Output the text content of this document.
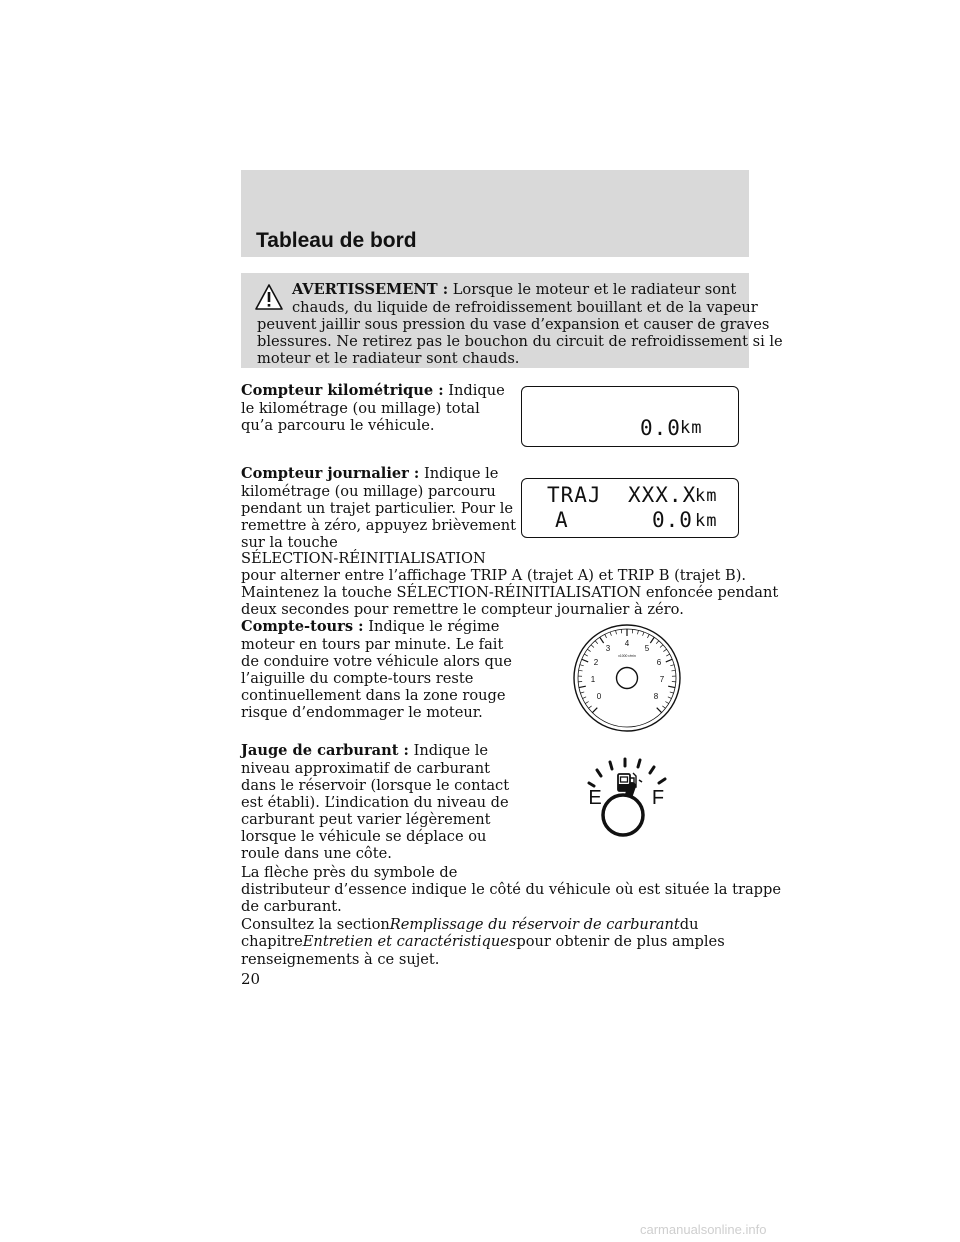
Tableau de bord

AVERTISSEMENT : Lorsque le moteur et le radiateur sont

chauds, du liquide de refroidissement bouillant et de la vapeur

peuvent jaillir sous pression du vase d’expansion et causer de graves

blessures. Ne retirez pas le bouchon du circuit de refroidissement si le

moteur et le radiateur sont chauds.

Compteur kilométrique : Indique

le kilométrage (ou millage) total

qu’a parcouru le véhicule.	0.0 km

Compteur journalier : Indique le

kilométrage (ou millage) parcouru

pendant un trajet particulier. Pour le

remettre à zéro, appuyez brièvement

sur la touche

SÉLECTION-RÉINITIALISATION

pour alterner entre l’affichage TRIP A (trajet A) et TRIP B (trajet B).

Maintenez la touche SÉLECTION-RÉINITIALISATION enfoncée pendant

deux secondes pour remettre le compteur journalier à zéro.

TRAJ XXX.X
km
A	0.0 km

Compte-tours : Indique le régime

moteur en tours par minute. Le fait

de conduire votre véhicule alors que

l’aiguille du compte-tours reste

continuellement dans la zone rouge

risque d’endommager le moteur.

0
1
2
3
4
5
6
7
8
x1000 r/min

Jauge de carburant : Indique le

niveau approximatif de carburant

dans le réservoir (lorsque le contact

est établi). L’indication du niveau de

carburant peut varier légèrement

lorsque le véhicule se déplace ou

roule dans une côte.

E	F

La flèche près du symbole de

distributeur d’essence indique le côté du véhicule où est située la trappe

de carburant.

Consultez la sectionRemplissage du réservoir de carburantdu

chapitreEntretien et caractéristiquespour obtenir de plus amples

renseignements à ce sujet.

20
carmanualsonline.info
